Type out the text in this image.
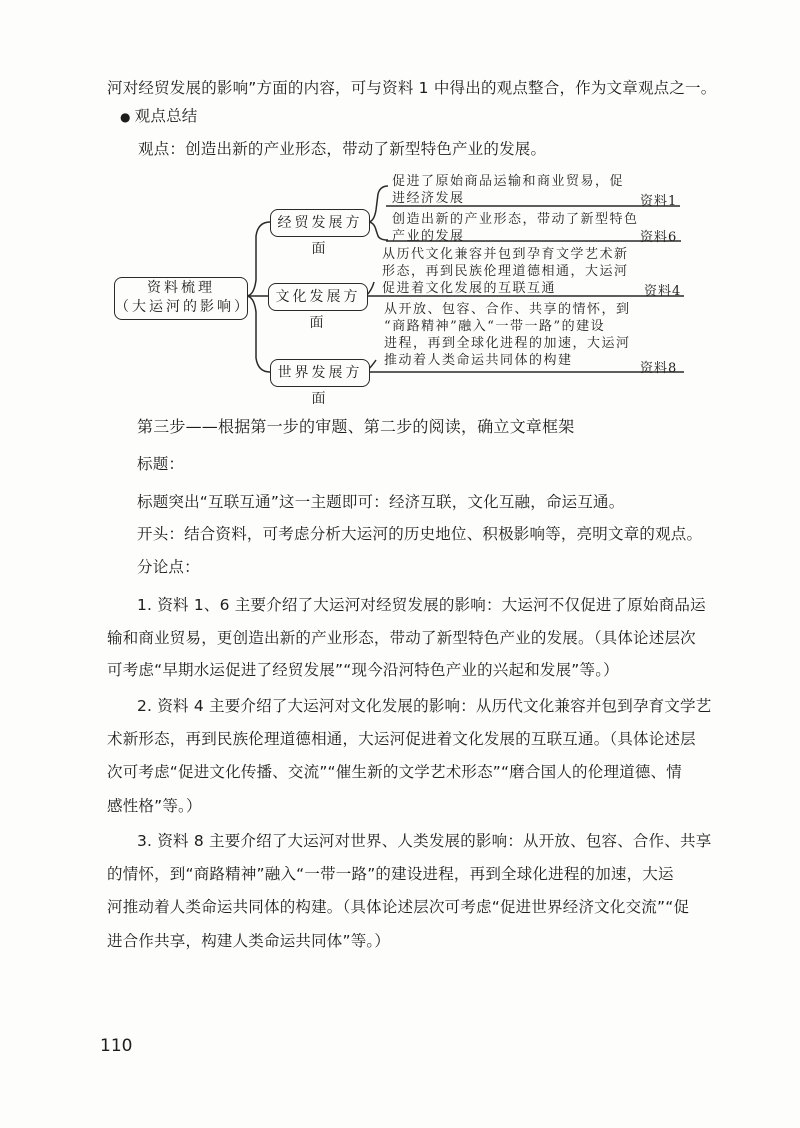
河对经贸发展的影响”方面的内容，可与资料 1 中得出的观点整合，作为文章观点之一。
● 观点总结
观点：创造出新的产业形态，带动了新型特色产业的发展。
资料梳理
（大运河的影响）
经贸发展方面
文化发展方面
世界发展方面
促进了原始商品运输和商业贸易，促
进经济发展	资料1
创造出新的产业形态，带动了新型特色
产业的发展	资料6
从历代文化兼容并包到孕育文学艺术新
形态，再到民族伦理道德相通，大运河
促进着文化发展的互联互通	资料4
从开放、包容、合作、共享的情怀，到
“商路精神”融入“一带一路”的建设
进程，再到全球化进程的加速，大运河
推动着人类命运共同体的构建
资料8
第三步——根据第一步的审题、第二步的阅读，确立文章框架
标题：
标题突出“互联互通”这一主题即可：经济互联，文化互融，命运互通。
开头：结合资料，可考虑分析大运河的历史地位、积极影响等，亮明文章的观点。
分论点：
1. 资料 1、6 主要介绍了大运河对经贸发展的影响：大运河不仅促进了原始商品运
输和商业贸易，更创造出新的产业形态，带动了新型特色产业的发展。（具体论述层次
可考虑“早期水运促进了经贸发展”“现今沿河特色产业的兴起和发展”等。）
2. 资料 4 主要介绍了大运河对文化发展的影响：从历代文化兼容并包到孕育文学艺
术新形态，再到民族伦理道德相通，大运河促进着文化发展的互联互通。（具体论述层
次可考虑“促进文化传播、交流”“催生新的文学艺术形态”“磨合国人的伦理道德、情
感性格”等。）
3. 资料 8 主要介绍了大运河对世界、人类发展的影响：从开放、包容、合作、共享
的情怀，到“商路精神”融入“一带一路”的建设进程，再到全球化进程的加速，大运
河推动着人类命运共同体的构建。（具体论述层次可考虑“促进世界经济文化交流”“促
进合作共享，构建人类命运共同体”等。）
110
